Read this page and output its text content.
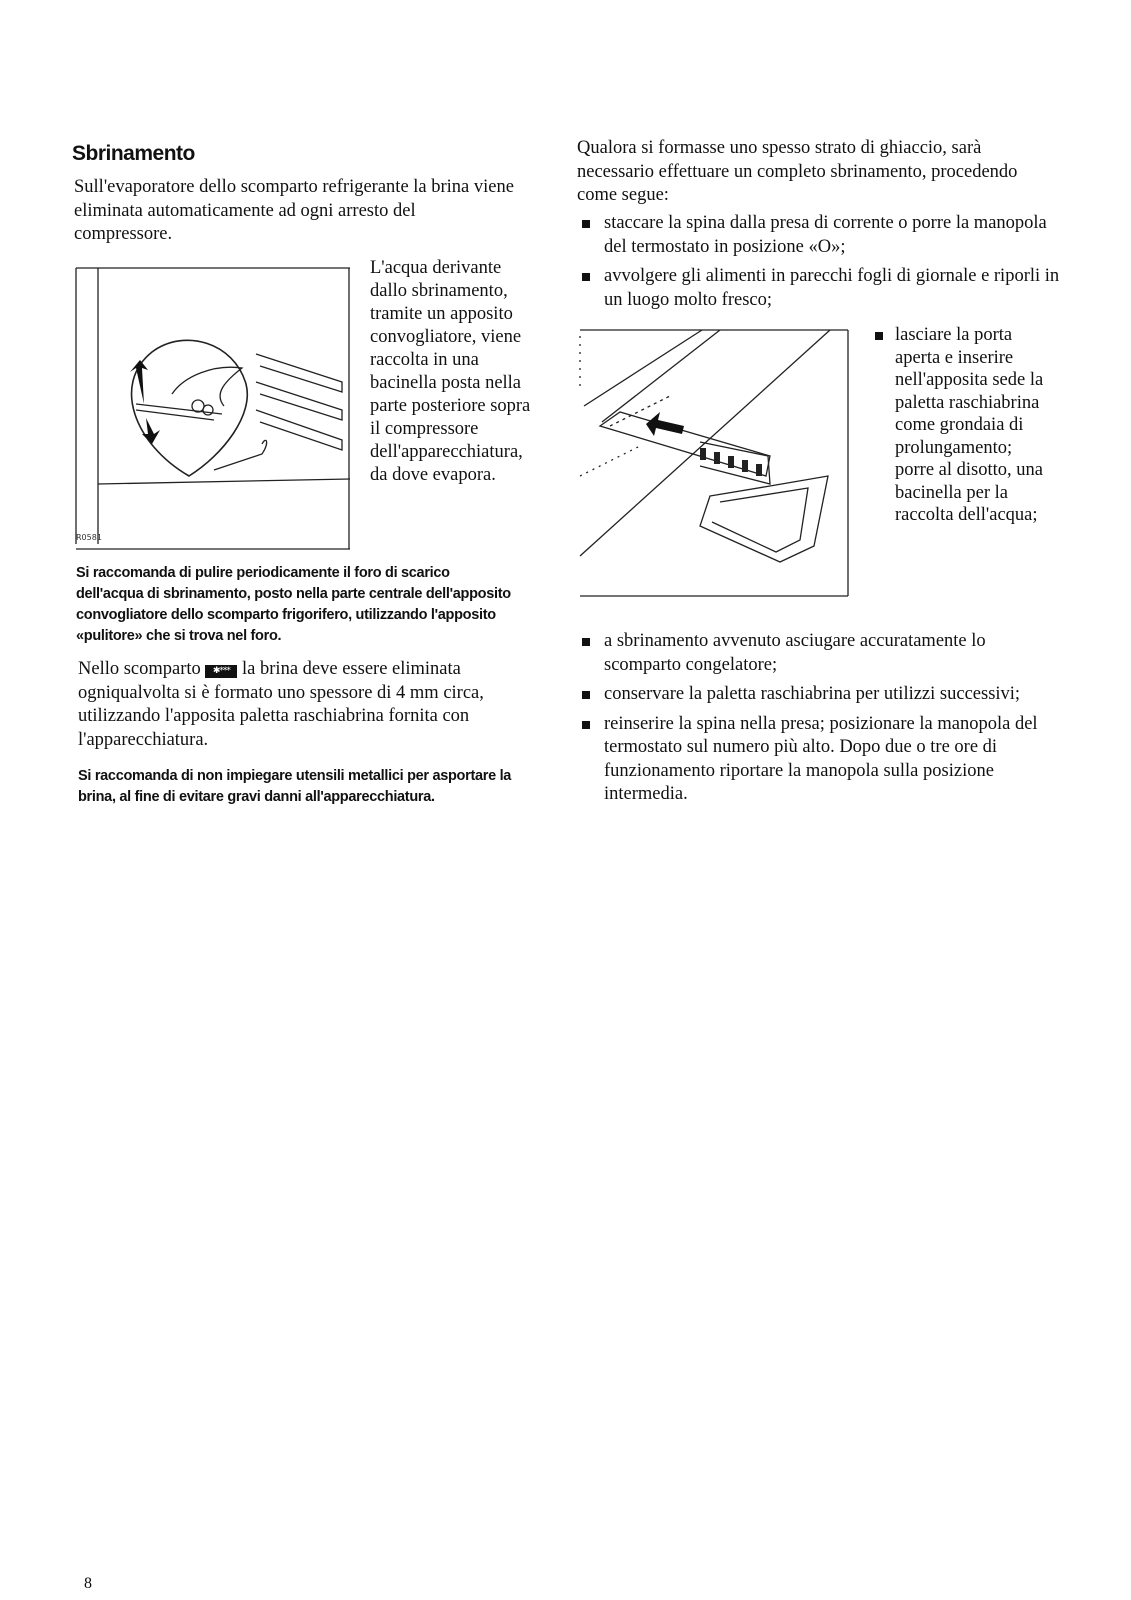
Sbrinamento

Sull'evaporatore dello scomparto refrigerante la brina viene eliminata automaticamente ad ogni arresto del compressore.

R0581

L'acqua derivante dallo sbrinamento, tramite un apposito convogliatore, viene raccolta in una bacinella posta nella parte posteriore sopra il compressore dell'apparecchiatura, da dove evapora.

Si raccomanda di pulire periodicamente il foro di scarico dell'acqua di sbrinamento, posto nella parte centrale dell'apposito convogliatore dello scomparto frigorifero, utilizzando l'apposito «pulitore» che si trova nel foro.

Nello scomparto ✱*** la brina deve essere eliminata ogniqualvolta si è formato uno spessore di 4 mm circa, utilizzando l'apposita paletta raschiabrina fornita con l'apparecchiatura.

Si raccomanda di non impiegare utensili metallici per asportare la brina, al fine di evitare gravi danni all'apparecchiatura.

Qualora si formasse uno spesso strato di ghiaccio, sarà necessario effettuare un completo sbrinamento, procedendo come segue:

staccare la spina dalla presa di corrente o porre la manopola del termostato in posizione «O»;
avvolgere gli alimenti in parecchi fogli di giornale e riporli in un luogo molto fresco;
lasciare la porta aperta e inserire nell'apposita sede la paletta raschiabrina come grondaia di prolungamento; porre al disotto, una bacinella per la raccolta dell'acqua;
a sbrinamento avvenuto asciugare accuratamente lo scomparto congelatore;
conservare la paletta raschiabrina per utilizzi successivi;
reinserire la spina nella presa; posizionare la manopola del termostato sul numero più alto. Dopo due o tre ore di funzionamento riportare la manopola sulla posizione intermedia.
8
